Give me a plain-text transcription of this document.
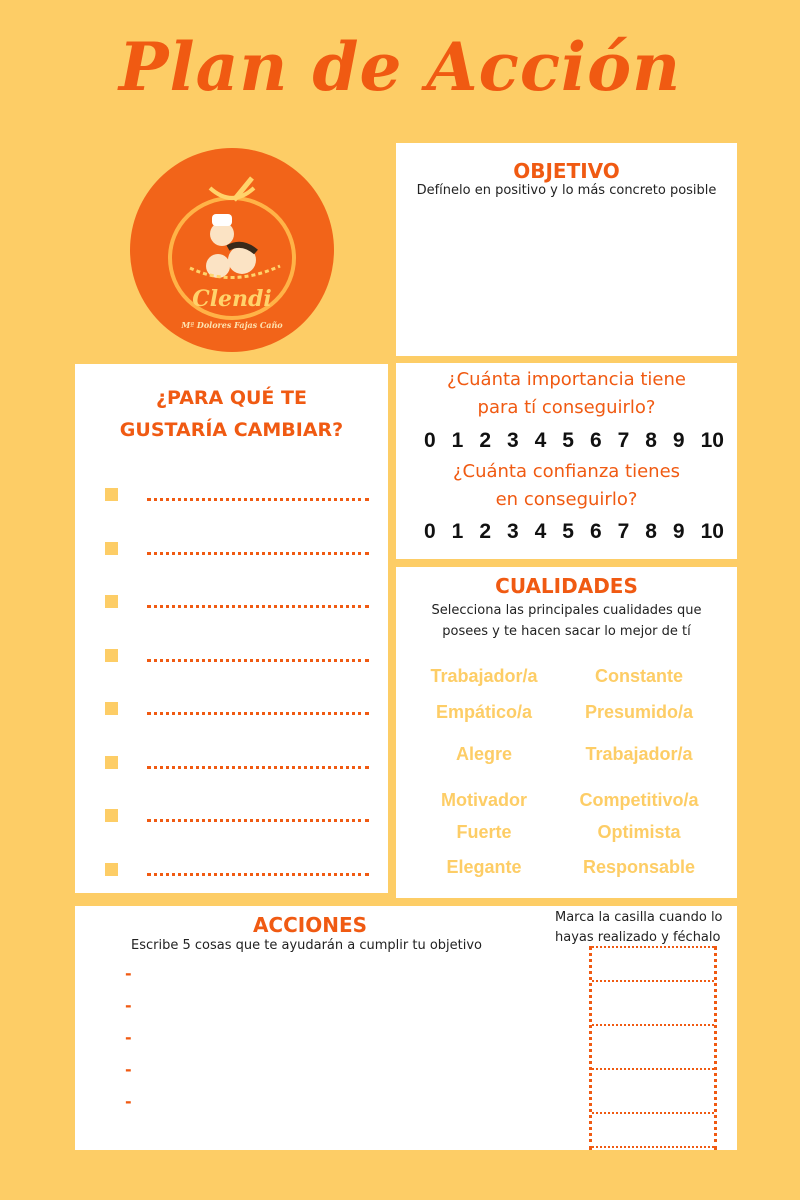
Plan de Acción
Clendi
Mª Dolores Fajas Caño
OBJETIVO
Defínelo en positivo y lo más concreto posible
¿PARA QUÉ TE
GUSTARÍA CAMBIAR?
¿Cuánta importancia tiene
para tí conseguirlo?
0 1 2 3 4 5 6 7 8 9 10
¿Cuánta confianza tienes
en conseguirlo?
0 1 2 3 4 5 6 7 8 9 10
CUALIDADES
Selecciona las principales cualidades que
posees y te hacen sacar lo mejor de tí
Trabajador/a	Constante
Empático/a	Presumido/a
Alegre	Trabajador/a
Motivador	Competitivo/a
Fuerte	Optimista
Elegante	Responsable
ACCIONES
Escribe 5 cosas que te ayudarán a cumplir tu objetivo
-
-
-
-
-
Marca la casilla cuando lo
hayas realizado y féchalo
